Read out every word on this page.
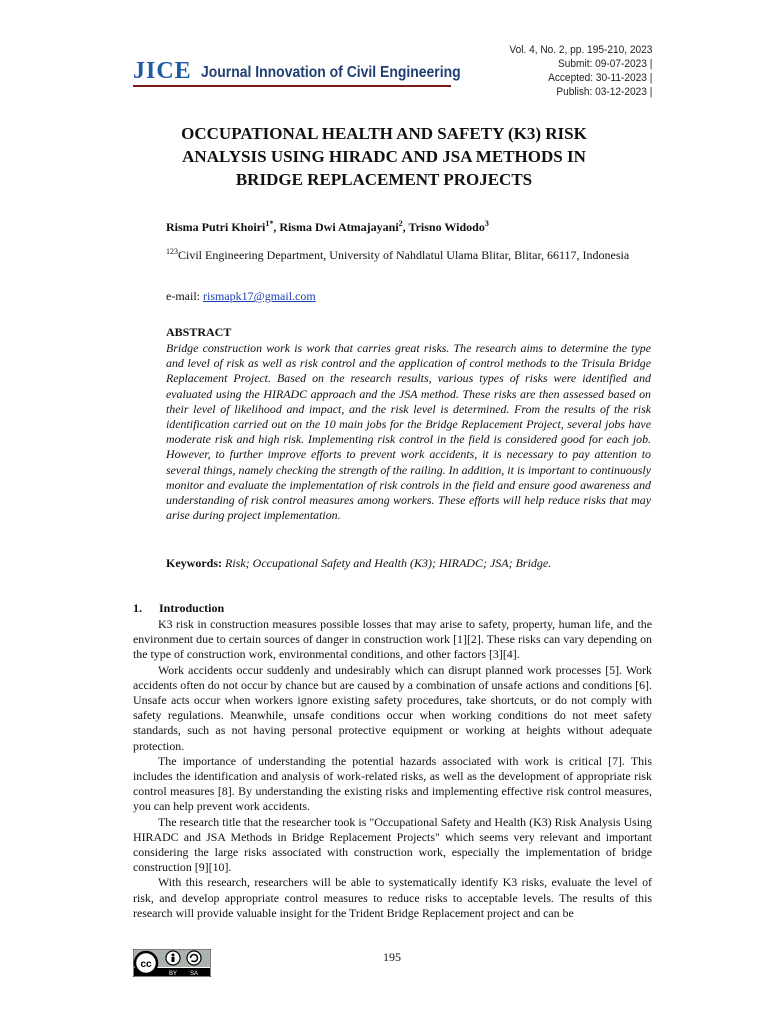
JICE Journal Innovation of Civil Engineering
Vol. 4, No. 2, pp. 195-210, 2023
Submit: 09-07-2023 |
Accepted: 30-11-2023 |
Publish: 03-12-2023 |
OCCUPATIONAL HEALTH AND SAFETY (K3) RISK
ANALYSIS USING HIRADC AND JSA METHODS IN
BRIDGE REPLACEMENT PROJECTS
Risma Putri Khoiri$^{1*}$, Risma Dwi Atmajayani$^2$, Trisno Widodo$^3$
$^{123}$Civil Engineering Department, University of Nahdlatul Ulama Blitar, Blitar, 66117, Indonesia
e-mail: rismapk17@gmail.com
ABSTRACT
Bridge construction work is work that carries great risks. The research aims to determine the type and level of risk as well as risk control and the application of control methods to the Trisula Bridge Replacement Project. Based on the research results, various types of risks were identified and evaluated using the HIRADC approach and the JSA method. These risks are then assessed based on their level of likelihood and impact, and the risk level is determined. From the results of the risk identification carried out on the 10 main jobs for the Bridge Replacement Project, several jobs have moderate risk and high risk. Implementing risk control in the field is considered good for each job. However, to further improve efforts to prevent work accidents, it is necessary to pay attention to several things, namely checking the strength of the railing. In addition, it is important to continuously monitor and evaluate the implementation of risk controls in the field and ensure good awareness and understanding of risk control measures among workers. These efforts will help reduce risks that may arise during project implementation.
Keywords: Risk; Occupational Safety and Health (K3); HIRADC; JSA; Bridge.
1. Introduction

K3 risk in construction measures possible losses that may arise to safety, property, human life, and the environment due to certain sources of danger in construction work [1][2]. These risks can vary depending on the type of construction work, environmental conditions, and other factors [3][4].

Work accidents occur suddenly and undesirably which can disrupt planned work processes [5]. Work accidents often do not occur by chance but are caused by a combination of unsafe actions and conditions [6]. Unsafe acts occur when workers ignore existing safety procedures, take shortcuts, or do not comply with safety regulations. Meanwhile, unsafe conditions occur when working conditions do not meet safety standards, such as not having personal protective equipment or working at heights without adequate protection.

The importance of understanding the potential hazards associated with work is critical [7]. This includes the identification and analysis of work-related risks, as well as the development of appropriate risk control measures [8]. By understanding the existing risks and implementing effective risk control measures, you can help prevent work accidents.

The research title that the researcher took is "Occupational Safety and Health (K3) Risk Analysis Using HIRADC and JSA Methods in Bridge Replacement Projects" which seems very relevant and important considering the large risks associated with construction work, especially the implementation of bridge construction [9][10].

With this research, researchers will be able to systematically identify K3 risks, evaluate the level of risk, and develop appropriate control measures to reduce risks to acceptable levels. The results of this research will provide valuable insight for the Trident Bridge Replacement project and can be

cc
BY SA
195
